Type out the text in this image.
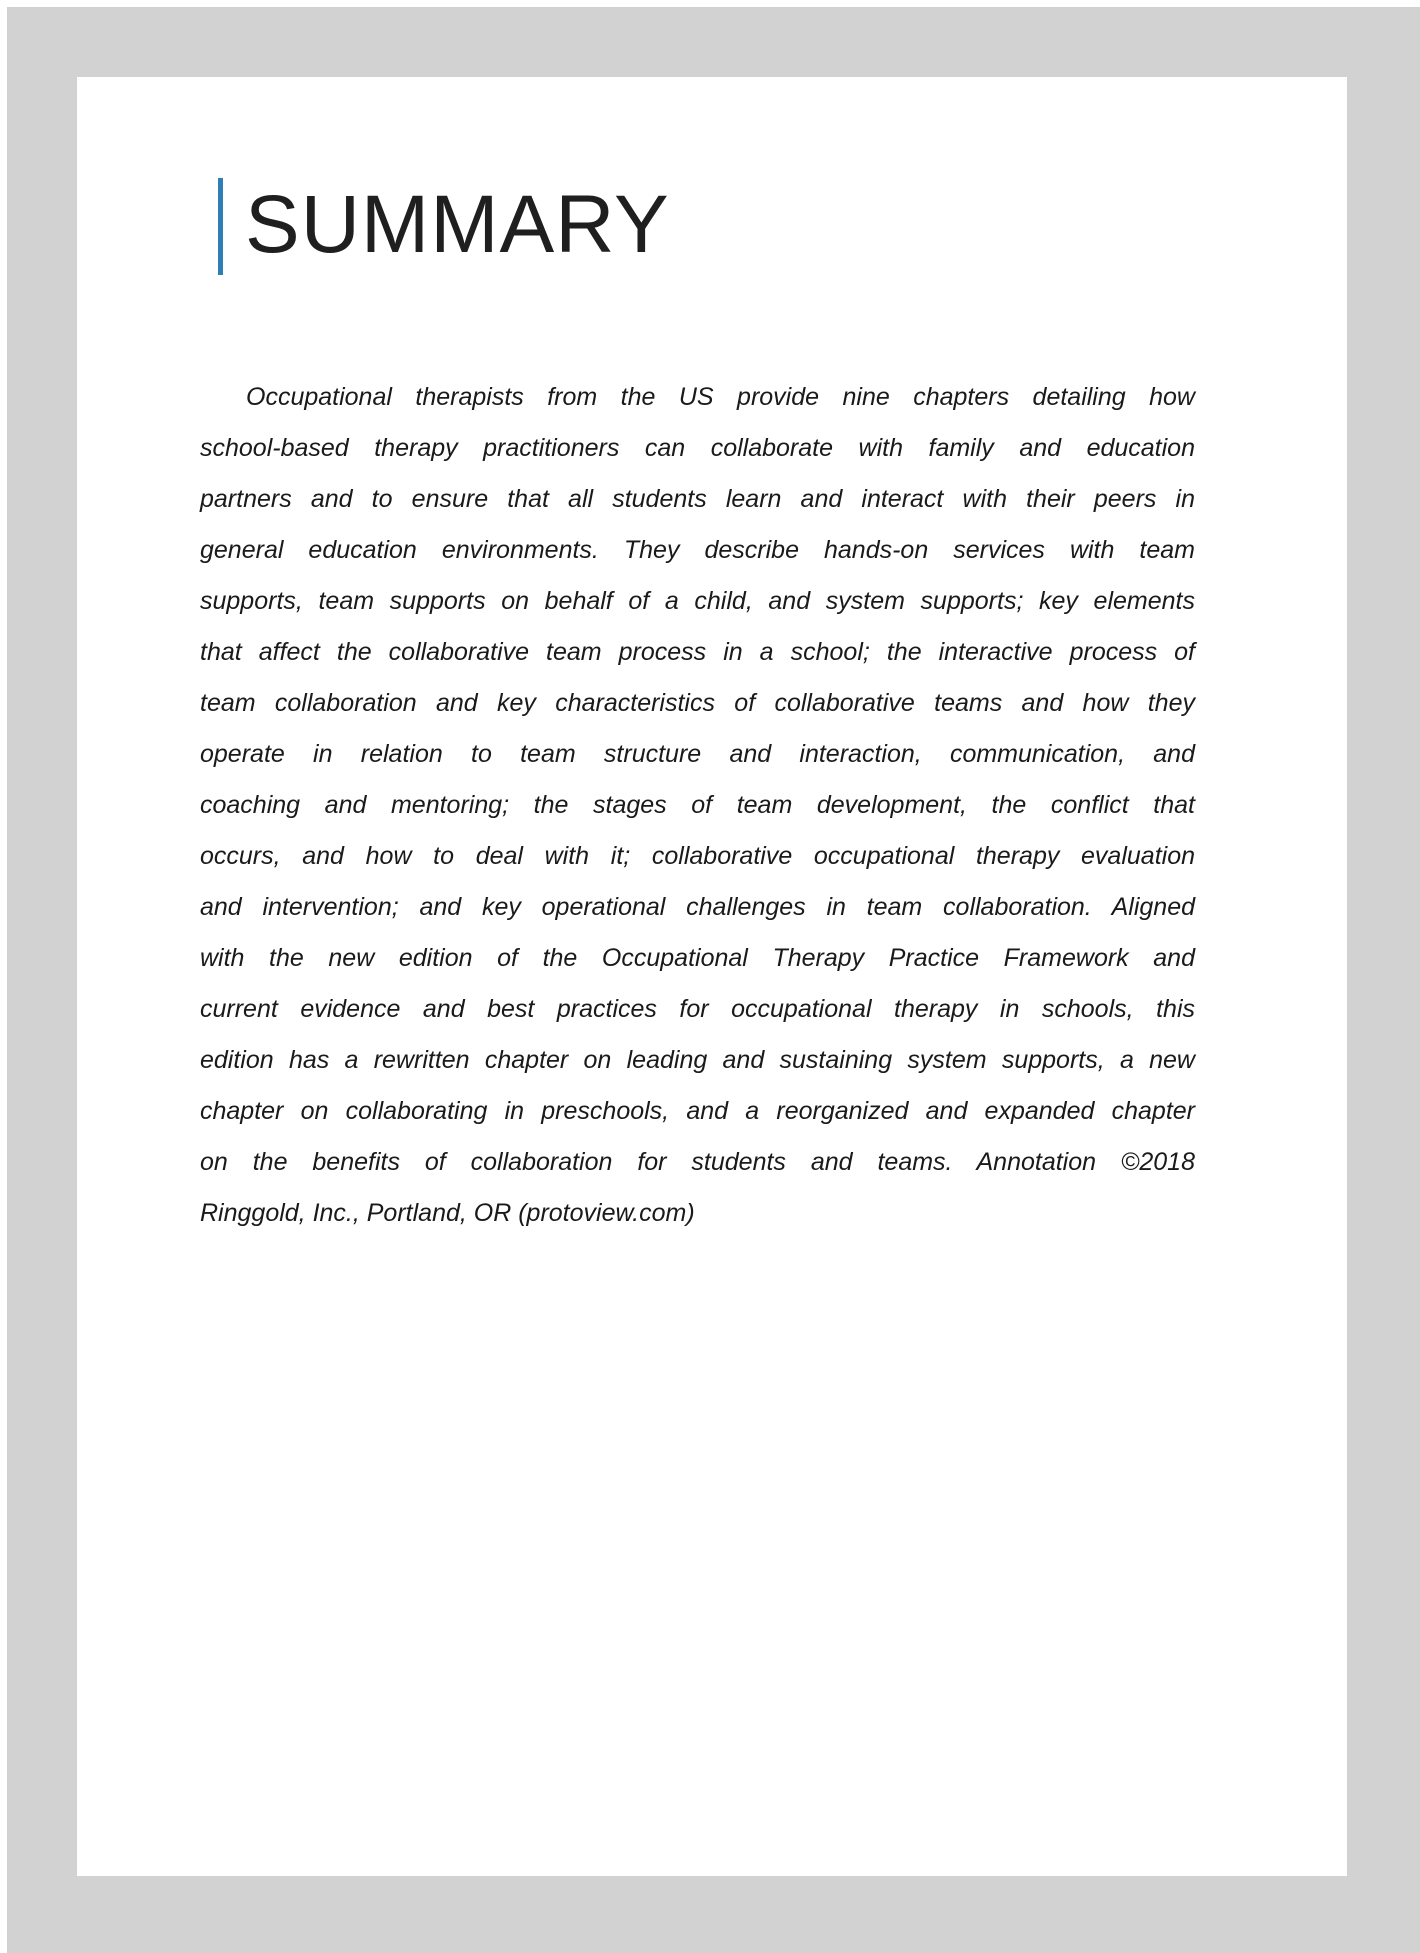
SUMMARY
Occupational therapists from the US provide nine chapters detailing how
school-based therapy practitioners can collaborate with family and education
partners and to ensure that all students learn and interact with their peers in
general education environments. They describe hands-on services with team
supports, team supports on behalf of a child, and system supports; key elements
that affect the collaborative team process in a school; the interactive process of
team collaboration and key characteristics of collaborative teams and how they
operate in relation to team structure and interaction, communication, and
coaching and mentoring; the stages of team development, the conflict that
occurs, and how to deal with it; collaborative occupational therapy evaluation
and intervention; and key operational challenges in team collaboration. Aligned
with the new edition of the Occupational Therapy Practice Framework and
current evidence and best practices for occupational therapy in schools, this
edition has a rewritten chapter on leading and sustaining system supports, a new
chapter on collaborating in preschools, and a reorganized and expanded chapter
on the benefits of collaboration for students and teams. Annotation ©2018
Ringgold, Inc., Portland, OR (protoview.com)
